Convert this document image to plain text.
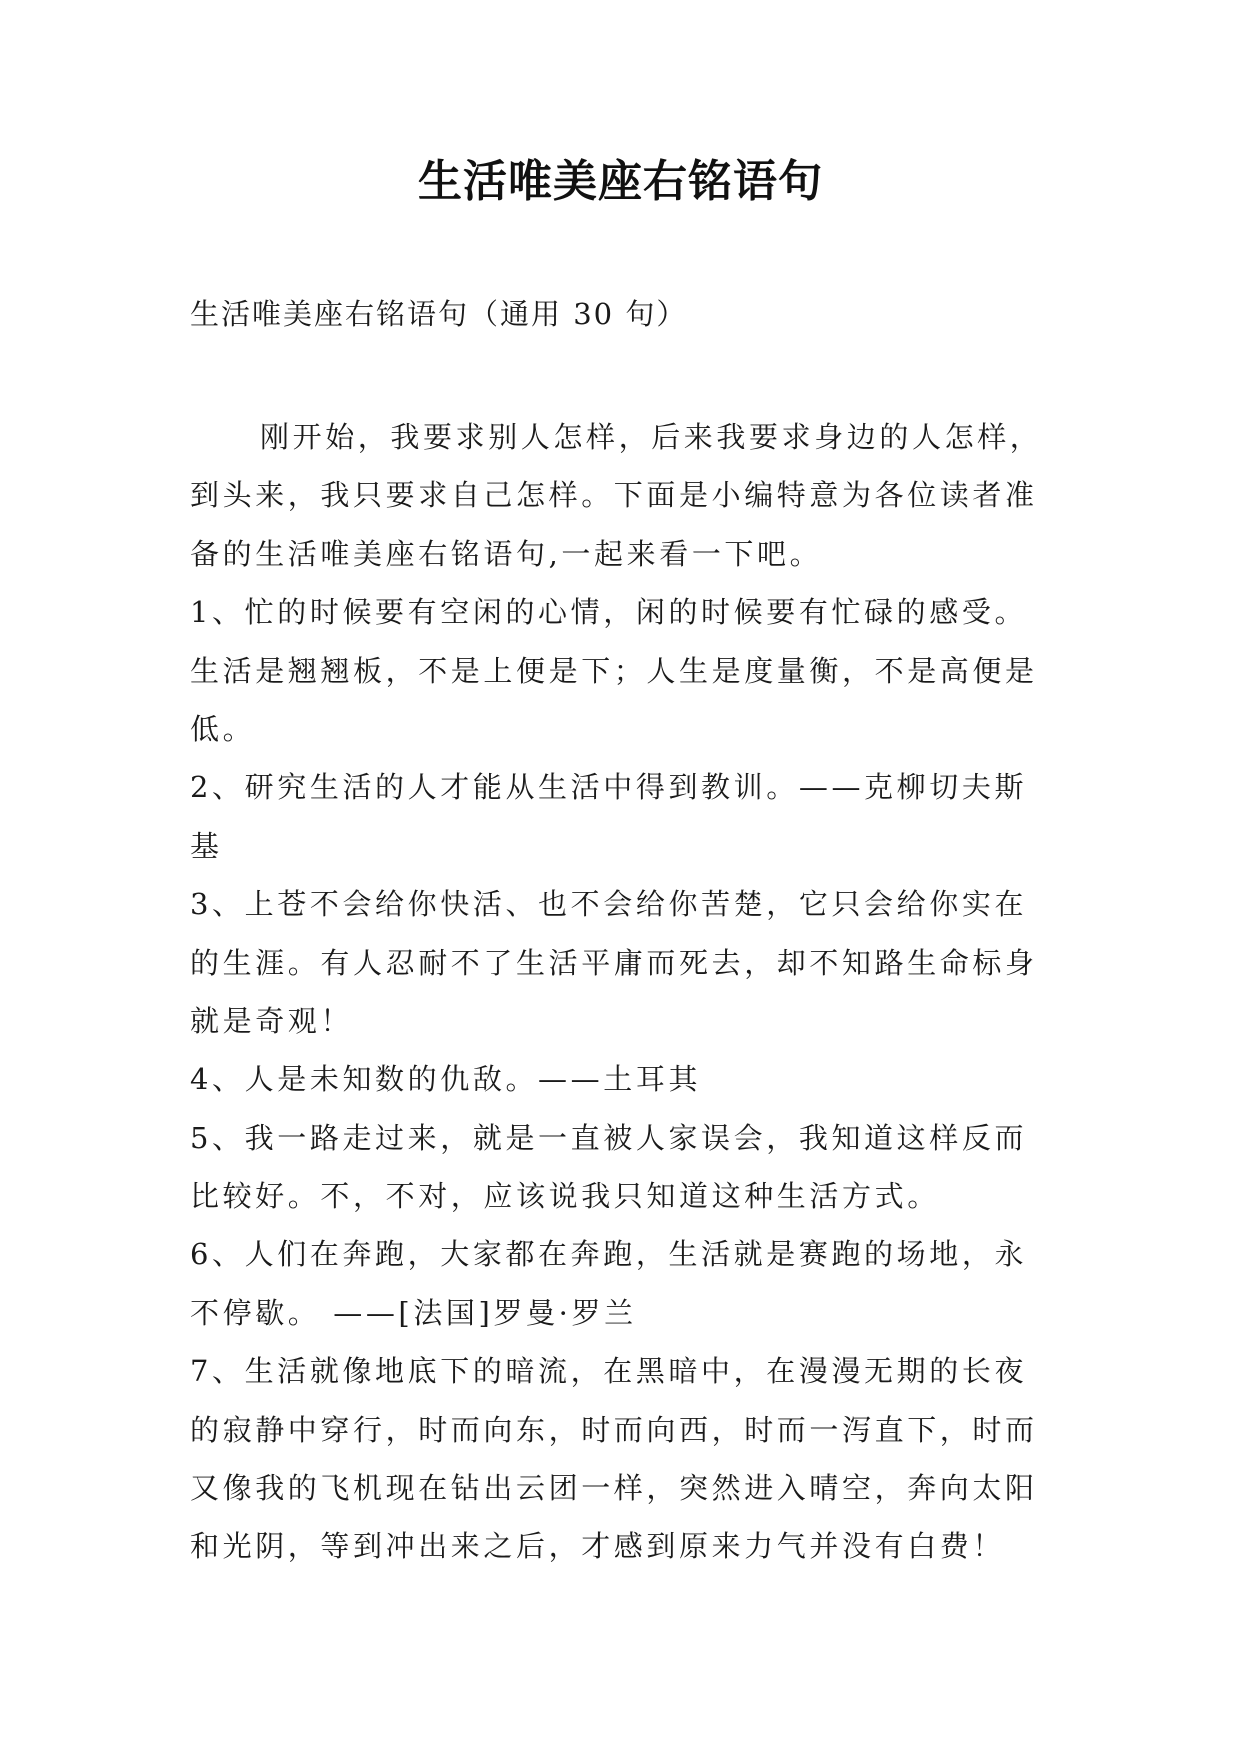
生活唯美座右铭语句

生活唯美座右铭语句（通用 30 句）

刚开始，我要求别人怎样，后来我要求身边的人怎样，
到头来，我只要求自己怎样。下面是小编特意为各位读者准
备的生活唯美座右铭语句,一起来看一下吧。
1、忙的时候要有空闲的心情，闲的时候要有忙碌的感受。
生活是翘翘板，不是上便是下；人生是度量衡，不是高便是
低。
2、研究生活的人才能从生活中得到教训。——克柳切夫斯
基
3、上苍不会给你快活、也不会给你苦楚，它只会给你实在
的生涯。有人忍耐不了生活平庸而死去，却不知路生命标身
就是奇观！
4、人是未知数的仇敌。——土耳其
5、我一路走过来，就是一直被人家误会，我知道这样反而
比较好。不，不对，应该说我只知道这种生活方式。
6、人们在奔跑，大家都在奔跑，生活就是赛跑的场地，永
不停歇。 ——[法国]罗曼·罗兰
7、生活就像地底下的暗流，在黑暗中，在漫漫无期的长夜
的寂静中穿行，时而向东，时而向西，时而一泻直下，时而
又像我的飞机现在钻出云团一样，突然进入晴空，奔向太阳
和光阴，等到冲出来之后，才感到原来力气并没有白费！
